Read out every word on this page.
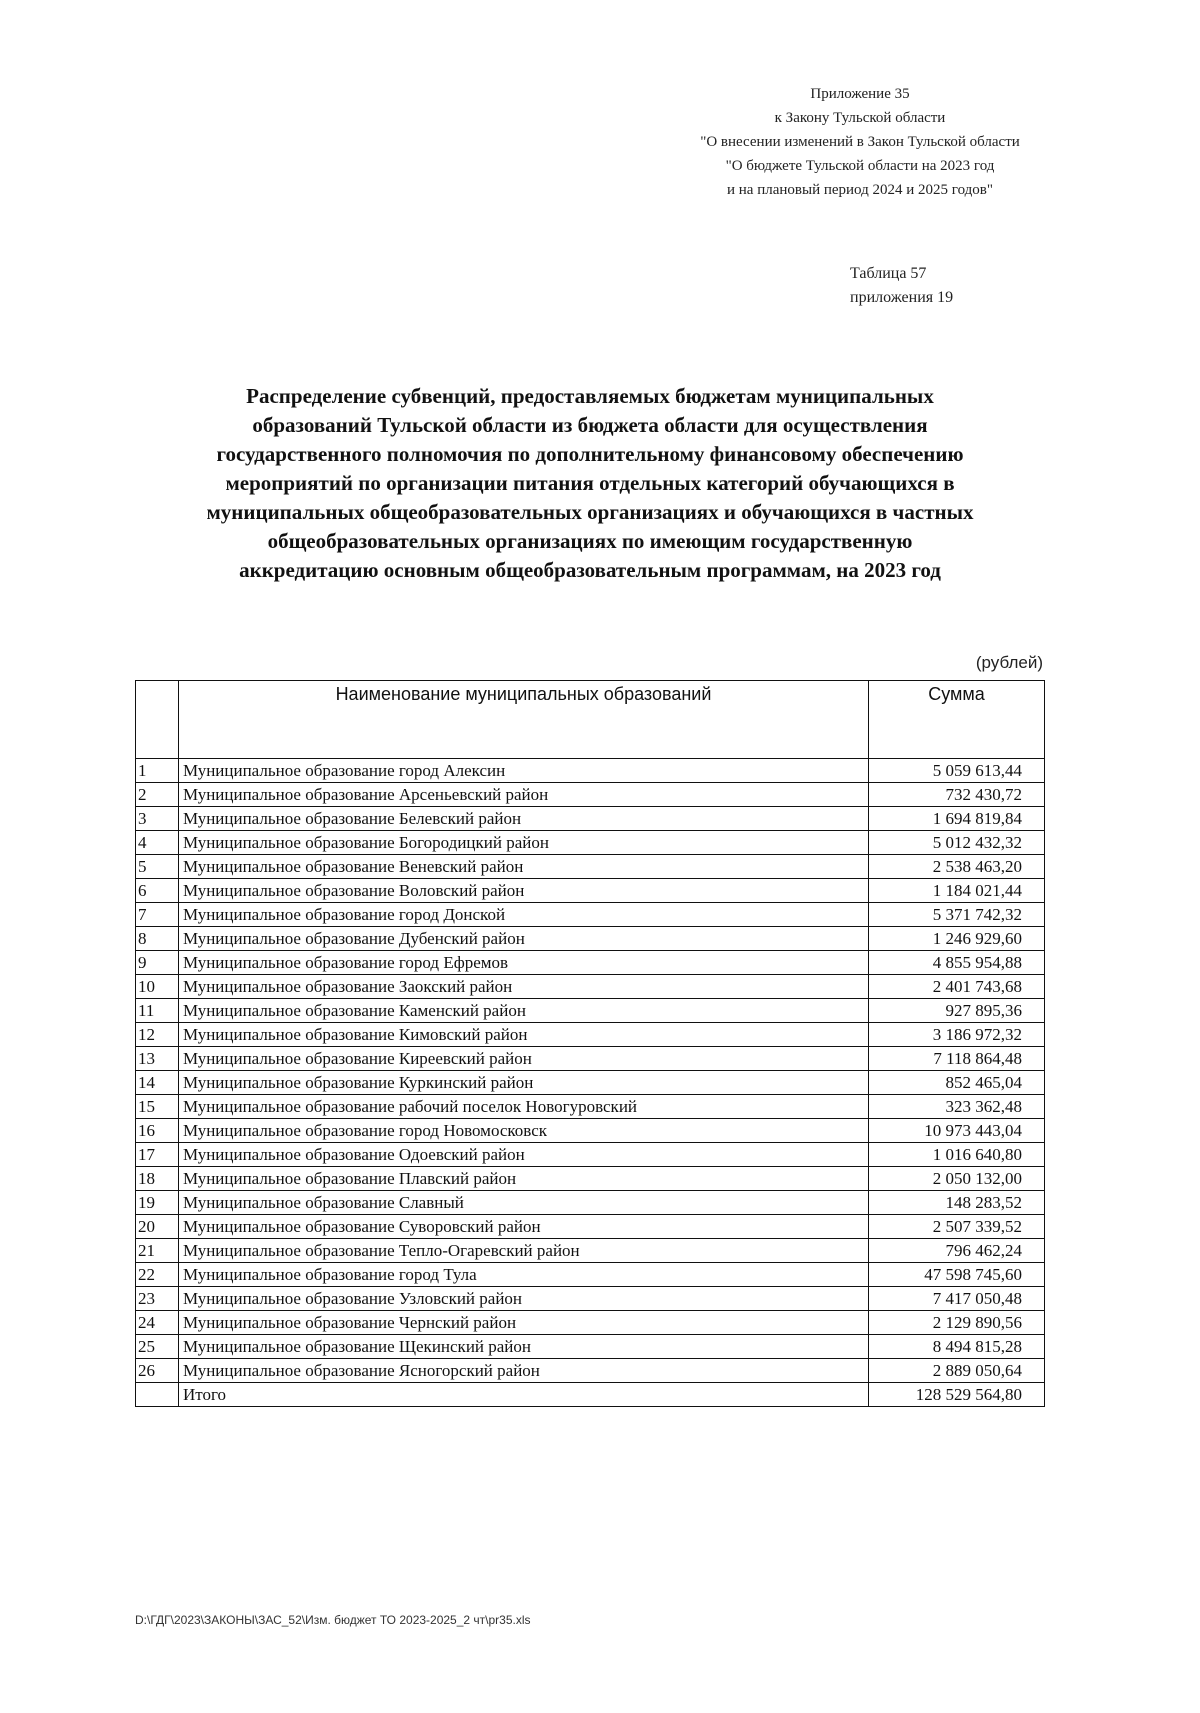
Приложение 35
к Закону Тульской области
"О внесении изменений в Закон Тульской области
"О бюджете Тульской области на 2023 год
и на плановый период 2024 и 2025 годов"
Таблица 57
приложения 19
Распределение субвенций, предоставляемых бюджетам муниципальных
образований Тульской области из бюджета области для осуществления
государственного полномочия по дополнительному финансовому обеспечению
мероприятий по организации питания отдельных категорий обучающихся в
муниципальных общеобразовательных организациях и обучающихся в частных
общеобразовательных организациях по имеющим государственную
аккредитацию основным общеобразовательным программам, на 2023 год
(рублей)
	Наименование муниципальных образований	Сумма
1	Муниципальное образование город Алексин	5 059 613,44
2	Муниципальное образование Арсеньевский район	732 430,72
3	Муниципальное образование Белевский район	1 694 819,84
4	Муниципальное образование Богородицкий район	5 012 432,32
5	Муниципальное образование Веневский район	2 538 463,20
6	Муниципальное образование Воловский район	1 184 021,44
7	Муниципальное образование город Донской	5 371 742,32
8	Муниципальное образование Дубенский район	1 246 929,60
9	Муниципальное образование город Ефремов	4 855 954,88
10	Муниципальное образование Заокский район	2 401 743,68
11	Муниципальное образование Каменский район	927 895,36
12	Муниципальное образование Кимовский район	3 186 972,32
13	Муниципальное образование Киреевский район	7 118 864,48
14	Муниципальное образование Куркинский район	852 465,04
15	Муниципальное образование рабочий поселок Новогуровский	323 362,48
16	Муниципальное образование город Новомосковск	10 973 443,04
17	Муниципальное образование Одоевский район	1 016 640,80
18	Муниципальное образование Плавский район	2 050 132,00
19	Муниципальное образование Славный	148 283,52
20	Муниципальное образование Суворовский район	2 507 339,52
21	Муниципальное образование Тепло-Огаревский район	796 462,24
22	Муниципальное образование город Тула	47 598 745,60
23	Муниципальное образование Узловский район	7 417 050,48
24	Муниципальное образование Чернский район	2 129 890,56
25	Муниципальное образование Щекинский район	8 494 815,28
26	Муниципальное образование Ясногорский район	2 889 050,64
	Итого	128 529 564,80
D:\ГДГ\2023\ЗАКОНЫ\ЗАС_52\Изм. бюджет ТО 2023-2025_2 чт\pr35.xls
